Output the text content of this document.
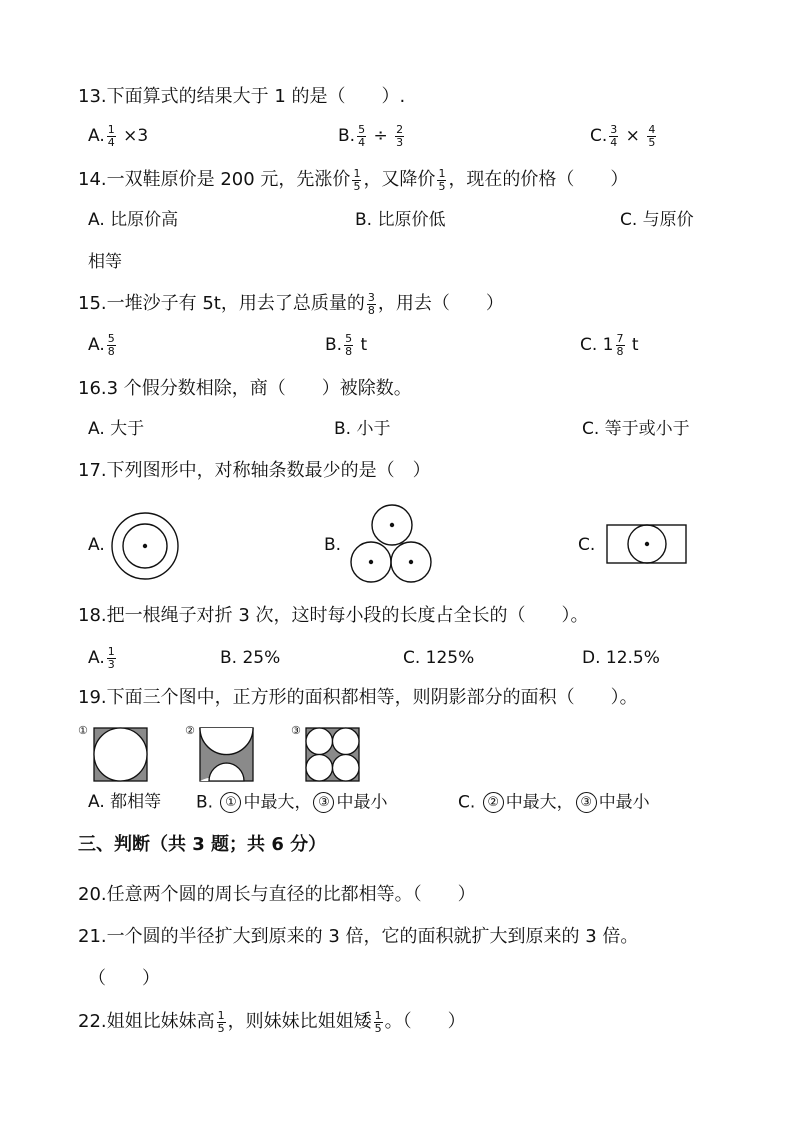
13.下面算式的结果大于 1 的是（　　）.
A. $\frac{1}{4} \times 3$	B. $\frac{5}{4} \div \frac{2}{3}$	C. $\frac{3}{4} \times \frac{4}{5}$
14.一双鞋原价是 200 元，先涨价 $\frac{1}{5}$ ，又降价 $\frac{1}{5}$ ，现在的价格（　　）
A. 比原价高	B. 比原价低	C. 与原价
相等
15.一堆沙子有 5t，用去了总质量的 $\frac{3}{8}$ ，用去（　　）
A. $\frac{5}{8}$	B. $\frac{5}{8}$ t	C. $1 \frac{7}{8}$ t
16.3 个假分数相除，商（　　）被除数。
A. 大于	B. 小于	C. 等于或小于
17.下列图形中，对称轴条数最少的是（　）
A.	B.	C.
18.把一根绳子对折 3 次，这时每小段的长度占全长的（　　）。
A. $\frac{1}{3}$	B. 25%	C. 125%	D. 12.5%
19.下面三个图中，正方形的面积都相等，则阴影部分的面积（　　）。
①	②	③
A. 都相等 B. ① 中最大， ③ 中最小	C. ② 中最大， ③ 中最小
三、判断（共 3 题；共 6 分）
20.任意两个圆的周长与直径的比都相等。（　　）
21.一个圆的半径扩大到原来的 3 倍，它的面积就扩大到原来的 3 倍。
（　　）
22.姐姐比妹妹高 $\frac{1}{5}$ ，则妹妹比姐姐矮 $\frac{1}{5}$ 。（　　）
